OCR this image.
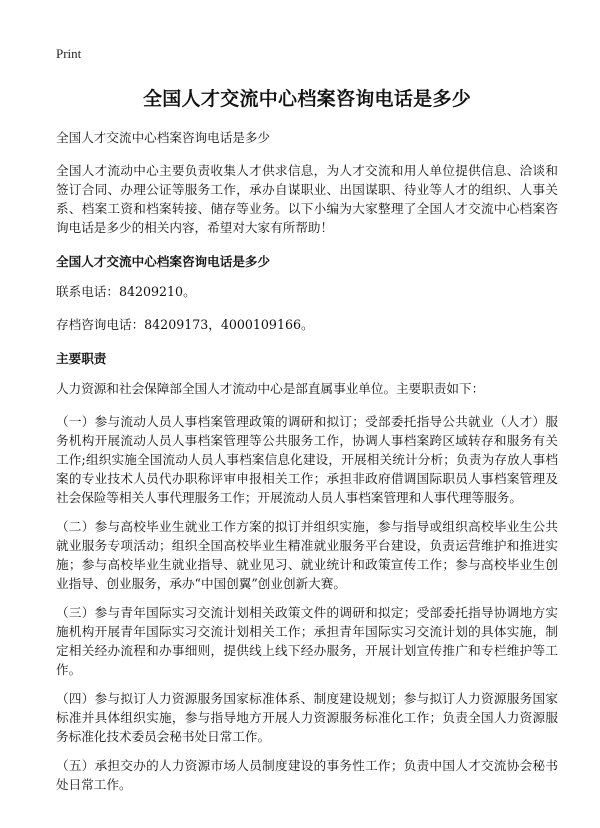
Print
全国人才交流中心档案咨询电话是多少

全国人才交流中心档案咨询电话是多少

全国人才流动中心主要负责收集人才供求信息，为人才交流和用人单位提供信息、洽谈和签订合同、办理公证等服务工作，承办自谋职业、出国谋职、待业等人才的组织、人事关系、档案工资和档案转接、储存等业务。以下小编为大家整理了全国人才交流中心档案咨询电话是多少的相关内容，希望对大家有所帮助！

全国人才交流中心档案咨询电话是多少

联系电话：84209210。

存档咨询电话：84209173，4000109166。

主要职责

人力资源和社会保障部全国人才流动中心是部直属事业单位。主要职责如下：

（一）参与流动人员人事档案管理政策的调研和拟订；受部委托指导公共就业（人才）服务机构开展流动人员人事档案管理等公共服务工作，协调人事档案跨区域转存和服务有关工作;组织实施全国流动人员人事档案信息化建设，开展相关统计分析；负责为存放人事档案的专业技术人员代办职称评审申报相关工作；承担非政府借调国际职员人事档案管理及社会保险等相关人事代理服务工作；开展流动人员人事档案管理和人事代理等服务。

（二）参与高校毕业生就业工作方案的拟订并组织实施，参与指导或组织高校毕业生公共就业服务专项活动；组织全国高校毕业生精准就业服务平台建设，负责运营维护和推进实施；参与高校毕业生就业指导、就业见习、就业统计和政策宣传工作；参与高校毕业生创业指导、创业服务，承办“中国创翼”创业创新大赛。

（三）参与青年国际实习交流计划相关政策文件的调研和拟定；受部委托指导协调地方实施机构开展青年国际实习交流计划相关工作；承担青年国际实习交流计划的具体实施，制定相关经办流程和办事细则，提供线上线下经办服务，开展计划宣传推广和专栏维护等工作。

（四）参与拟订人力资源服务国家标准体系、制度建设规划；参与拟订人力资源服务国家标准并具体组织实施，参与指导地方开展人力资源服务标准化工作；负责全国人力资源服务标准化技术委员会秘书处日常工作。

（五）承担交办的人力资源市场人员制度建设的事务性工作；负责中国人才交流协会秘书处日常工作。
